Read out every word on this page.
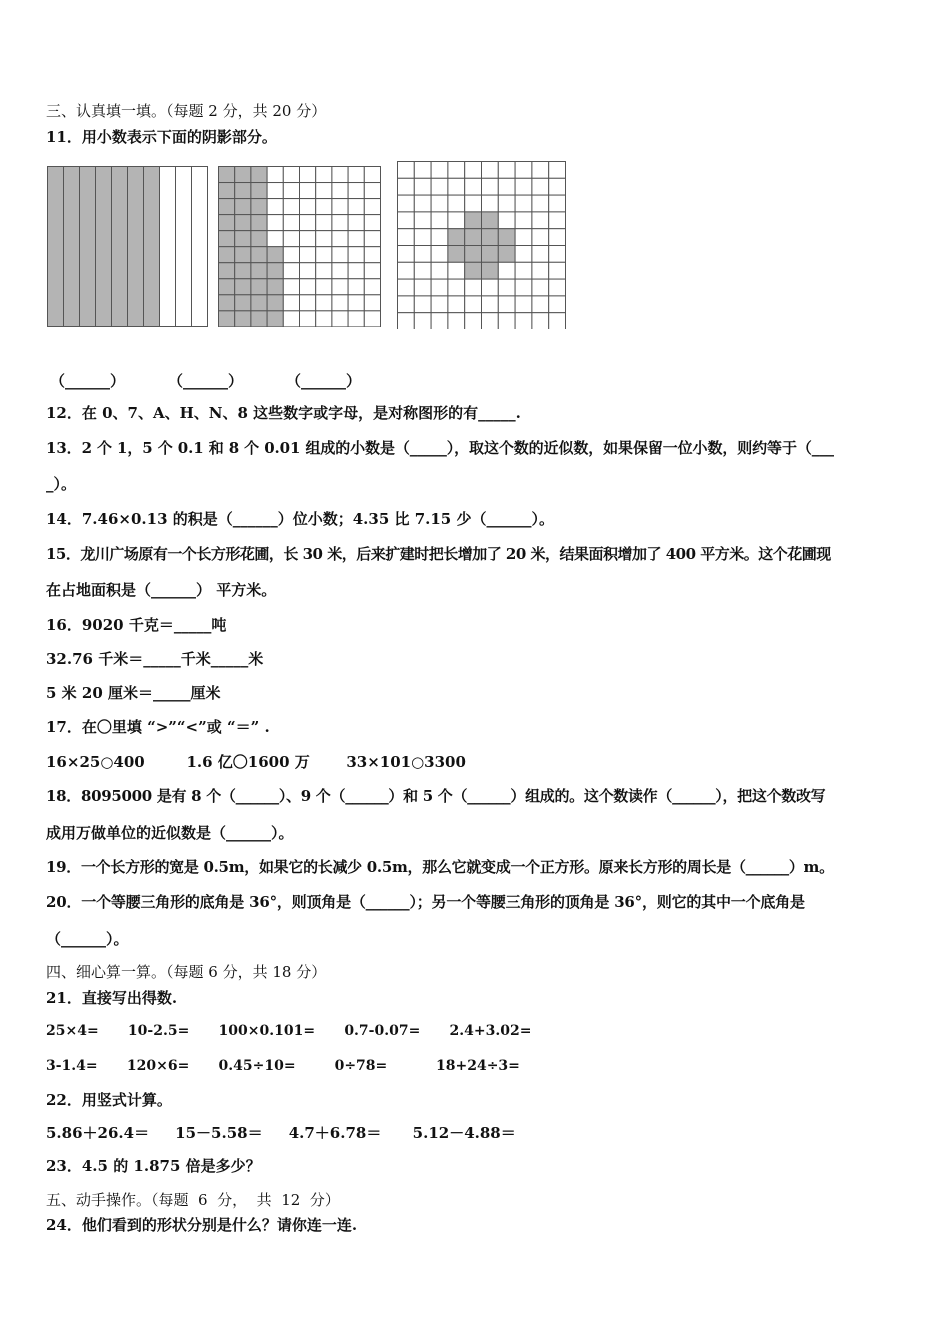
三、认真填一填。（每题 2 分，共 20 分）
11．用小数表示下面的阴影部分。
（______）	（______）	（______）
12．在 0、7、A、H、N、8 这些数字或字母，是对称图形的有_____.
13．2 个 1，5 个 0.1 和 8 个 0.01 组成的小数是（_____），取这个数的近似数，如果保留一位小数，则约等于（___
_）。
14．7.46×0.13 的积是（______）位小数；4.35 比 7.15 少（______）。
15．龙川广场原有一个长方形花圃，长 30 米，后来扩建时把长增加了 20 米，结果面积增加了 400 平方米。这个花圃现
在占地面积是（______） 平方米。
16．9020 千克＝_____吨
32.76 千米＝_____千米_____米
5 米 20 厘米＝_____厘米
17．在〇里填 “>”“<”或 “＝” .
16×25○400        1.6 亿〇1600 万       33×101○3300
18．8095000 是有 8 个（______）、9 个（______）和 5 个（______）组成的。这个数读作（______），把这个数改写
成用万做单位的近似数是（______）。
19．一个长方形的宽是 0.5m，如果它的长减少 0.5m，那么它就变成一个正方形。原来长方形的周长是（______）m。
20．一个等腰三角形的底角是 36°，则顶角是（______）；另一个等腰三角形的顶角是 36°，则它的其中一个底角是
（______）。
四、细心算一算。（每题 6 分，共 18 分）
21．直接写出得数.
25×4=      10-2.5=      100×0.101=      0.7-0.07=      2.4+3.02=
3-1.4=      120×6=      0.45÷10=        0÷78=          18+24÷3=
22．用竖式计算。
5.86＋26.4＝     15－5.58＝     4.7＋6.78＝      5.12－4.88＝
23．4.5 的 1.875 倍是多少？
五、动手操作。（每题  6  分，  共  12  分）
24．他们看到的形状分别是什么？请你连一连.
